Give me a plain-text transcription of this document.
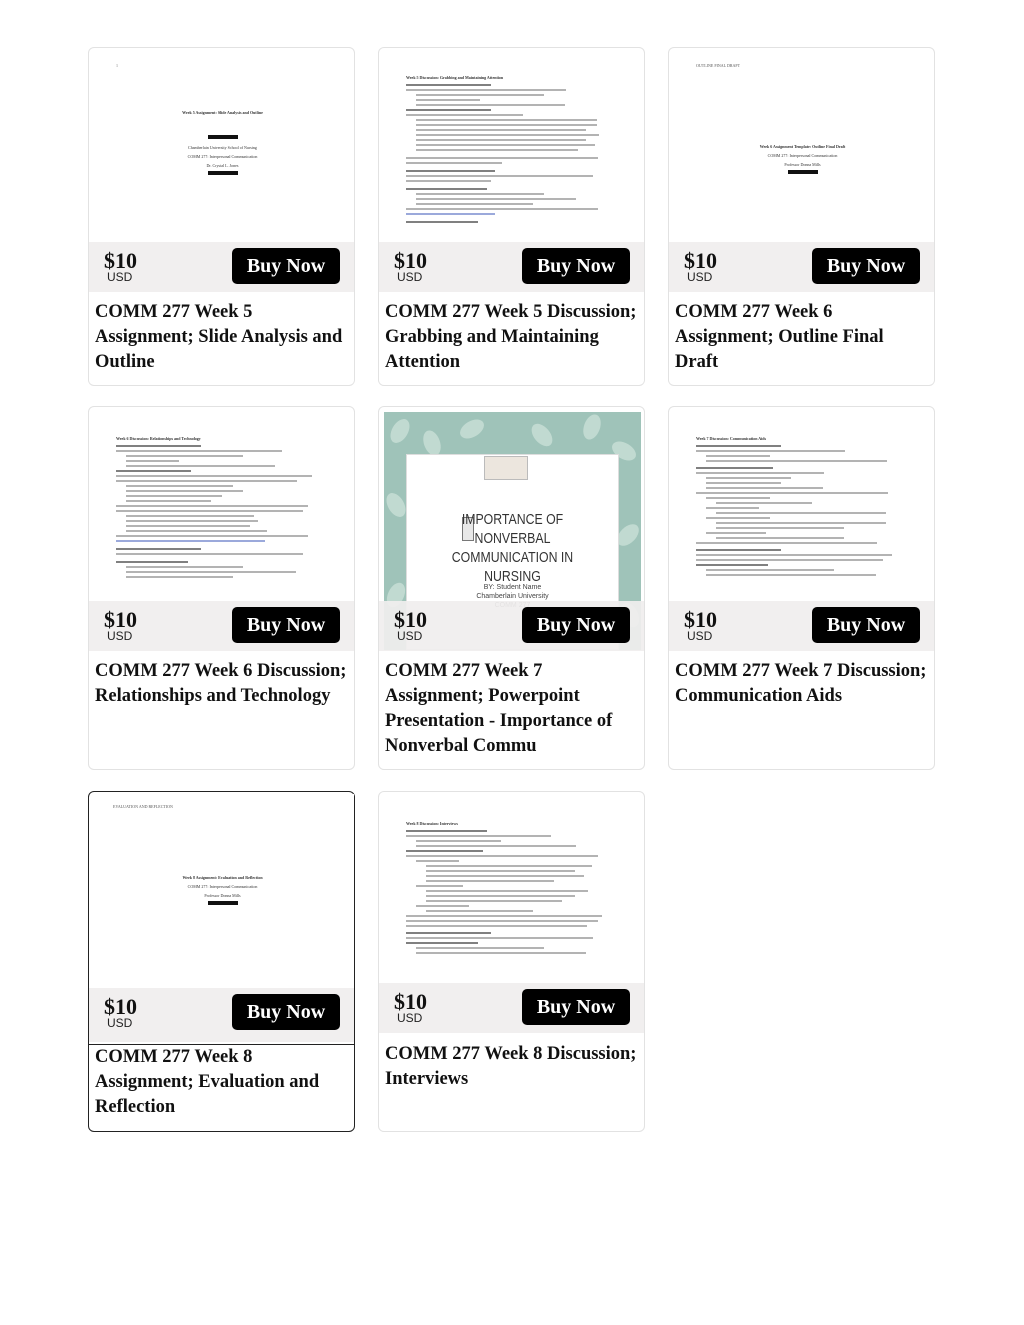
1
Week 5 Assignment: Slide Analysis and Outline
Chamberlain University School of Nursing
COMM 277: Interpersonal Communication
Dr. Crystal L. Jones
$10
USD
Buy Now
COMM 277 Week 5 Assignment; Slide Analysis and Outline
Week 5 Discussion: Grabbing and Maintaining Attention
$10
USD
Buy Now
COMM 277 Week 5 Discussion; Grabbing and Maintaining Attention
OUTLINE FINAL DRAFT
Week 6 Assignment Template: Outline Final Draft
COMM 277: Interpersonal Communication
Professor Donna Mills
$10
USD
Buy Now
COMM 277 Week 6 Assignment; Outline Final Draft
Week 6 Discussion: Relationships and Technology
$10
USD
Buy Now
COMM 277 Week 6 Discussion; Relationships and Technology
IMPORTANCE OF NONVERBAL COMMUNICATION IN NURSING
BY: Student Name
Chamberlain University
$10
USD
Buy Now
COMM 277 Week 7 Assignment; Powerpoint Presentation - Importance of Nonverbal Commu
Week 7 Discussion: Communication Aids
$10
USD
Buy Now
COMM 277 Week 7 Discussion; Communication Aids
EVALUATION AND REFLECTION
Week 8 Assignment: Evaluation and Reflection
COMM 277: Interpersonal Communication
Professor Donna Mills
$10
USD
Buy Now
COMM 277 Week 8 Assignment; Evaluation and Reflection
Week 8 Discussion: Interviews
$10
USD
Buy Now
COMM 277 Week 8 Discussion; Interviews
